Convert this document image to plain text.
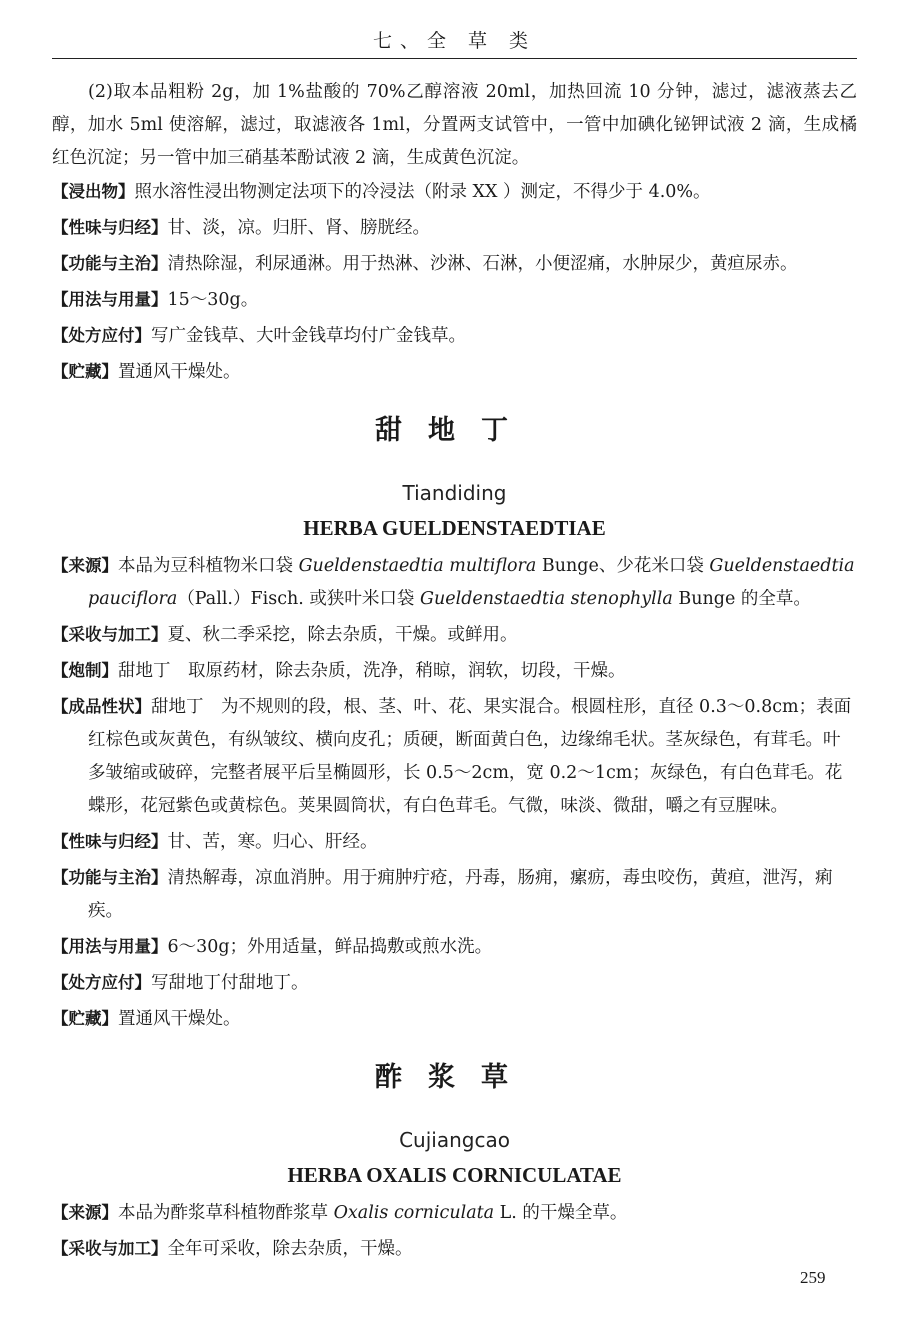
七、全 草 类

(2)取本品粗粉 2g，加 1%盐酸的 70%乙醇溶液 20ml，加热回流 10 分钟，滤过，滤液蒸去乙醇，加水 5ml 使溶解，滤过，取滤液各 1ml，分置两支试管中，一管中加碘化铋钾试液 2 滴，生成橘红色沉淀；另一管中加三硝基苯酚试液 2 滴，生成黄色沉淀。

【浸出物】照水溶性浸出物测定法项下的冷浸法（附录 XX ）测定，不得少于 4.0%。

【性味与归经】甘、淡，凉。归肝、肾、膀胱经。

【功能与主治】清热除湿，利尿通淋。用于热淋、沙淋、石淋，小便涩痛，水肿尿少，黄疸尿赤。

【用法与用量】15～30g。

【处方应付】写广金钱草、大叶金钱草均付广金钱草。

【贮藏】置通风干燥处。

甜地丁
Tiandiding
HERBA GUELDENSTAEDTIAE

【来源】本品为豆科植物米口袋 Gueldenstaedtia multiflora Bunge、少花米口袋 Gueldenstaedtia pauciflora（Pall.）Fisch. 或狭叶米口袋 Gueldenstaedtia stenophylla Bunge 的全草。

【采收与加工】夏、秋二季采挖，除去杂质，干燥。或鲜用。

【炮制】甜地丁　取原药材，除去杂质，洗净，稍晾，润软，切段，干燥。

【成品性状】甜地丁　为不规则的段，根、茎、叶、花、果实混合。根圆柱形，直径 0.3～0.8cm；表面红棕色或灰黄色，有纵皱纹、横向皮孔；质硬，断面黄白色，边缘绵毛状。茎灰绿色，有茸毛。叶多皱缩或破碎，完整者展平后呈椭圆形，长 0.5～2cm，宽 0.2～1cm；灰绿色，有白色茸毛。花蝶形，花冠紫色或黄棕色。荚果圆筒状，有白色茸毛。气微，味淡、微甜，嚼之有豆腥味。

【性味与归经】甘、苦，寒。归心、肝经。

【功能与主治】清热解毒，凉血消肿。用于痈肿疔疮，丹毒，肠痈，瘰疬，毒虫咬伤，黄疸，泄泻，痢疾。

【用法与用量】6～30g；外用适量，鲜品捣敷或煎水洗。

【处方应付】写甜地丁付甜地丁。

【贮藏】置通风干燥处。

酢浆草
Cujiangcao
HERBA OXALIS CORNICULATAE

【来源】本品为酢浆草科植物酢浆草 Oxalis corniculata L. 的干燥全草。

【采收与加工】全年可采收，除去杂质，干燥。

259
